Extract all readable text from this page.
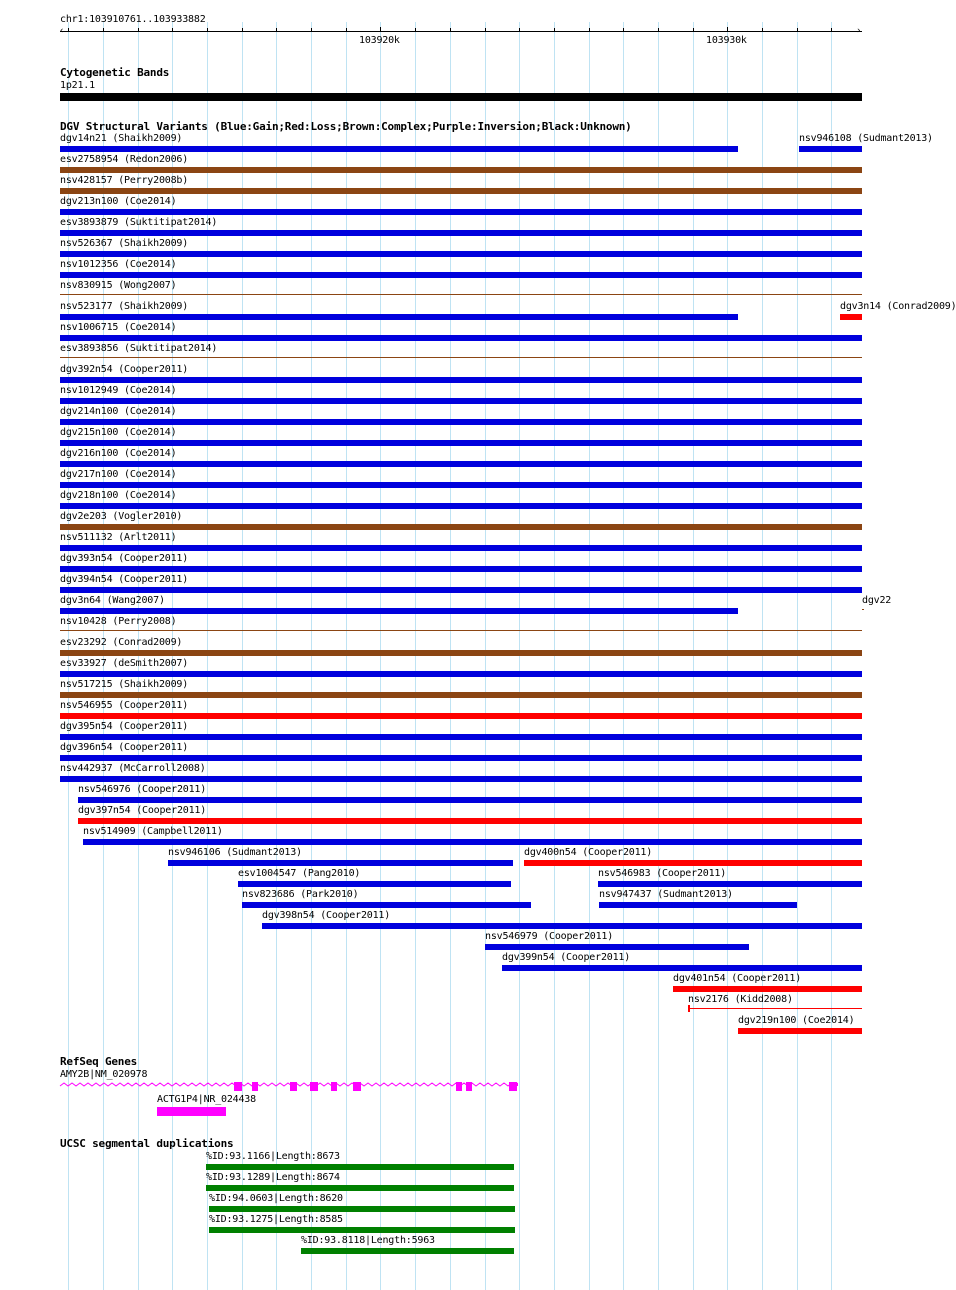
chr1:103910761..103933882
‹	›
103920k	103930k
Cytogenetic Bands
1p21.1
DGV Structural Variants (Blue:Gain;Red:Loss;Brown:Complex;Purple:Inversion;Black:Unknown)
dgv14n21 (Shaikh2009)	nsv946108 (Sudmant2013)
esv2758954 (Redon2006)
nsv428157 (Perry2008b)
dgv213n100 (Coe2014)
esv3893879 (Suktitipat2014)
nsv526367 (Shaikh2009)
nsv1012356 (Coe2014)
nsv830915 (Wong2007)
nsv523177 (Shaikh2009)	dgv3n14 (Conrad2009)
nsv1006715 (Coe2014)
esv3893856 (Suktitipat2014)
dgv392n54 (Cooper2011)
nsv1012949 (Coe2014)
dgv214n100 (Coe2014)
dgv215n100 (Coe2014)
dgv216n100 (Coe2014)
dgv217n100 (Coe2014)
dgv218n100 (Coe2014)
dgv2e203 (Vogler2010)
nsv511132 (Arlt2011)
dgv393n54 (Cooper2011)
dgv394n54 (Cooper2011)
dgv3n64 (Wang2007)	dgv22
nsv10428 (Perry2008)
esv23292 (Conrad2009)
esv33927 (deSmith2007)
nsv517215 (Shaikh2009)
nsv546955 (Cooper2011)
dgv395n54 (Cooper2011)
dgv396n54 (Cooper2011)
nsv442937 (McCarroll2008)
nsv546976 (Cooper2011)
dgv397n54 (Cooper2011)
nsv514909 (Campbell2011)
nsv946106 (Sudmant2013)	dgv400n54 (Cooper2011)
esv1004547 (Pang2010)	nsv546983 (Cooper2011)
nsv823686 (Park2010)	nsv947437 (Sudmant2013)
dgv398n54 (Cooper2011)
nsv546979 (Cooper2011)
dgv399n54 (Cooper2011)
dgv401n54 (Cooper2011)
nsv2176 (Kidd2008)
dgv219n100 (Coe2014)
RefSeq Genes
AMY2B|NM_020978
ACTG1P4|NR_024438
UCSC segmental duplications
%ID:93.1166|Length:8673
%ID:93.1289|Length:8674
%ID:94.0603|Length:8620
%ID:93.1275|Length:8585
%ID:93.8118|Length:5963
